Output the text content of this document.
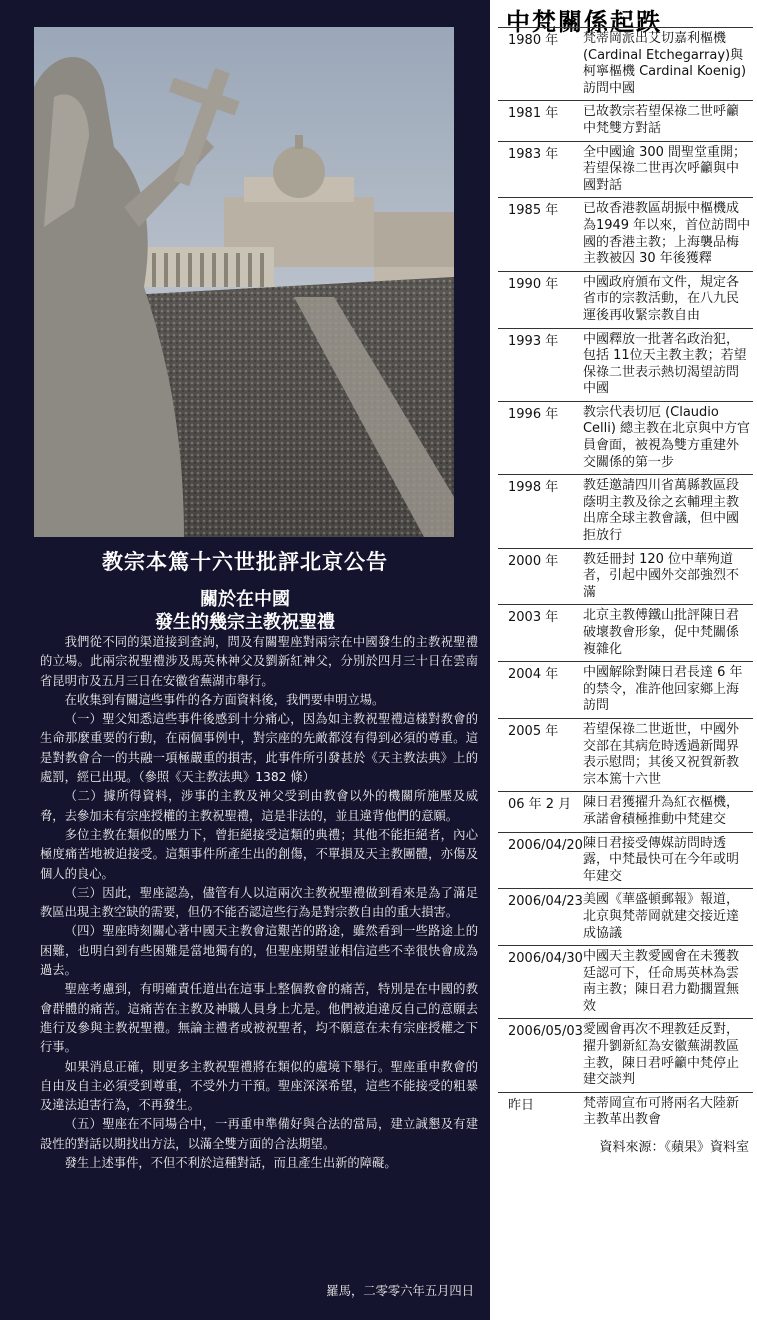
教宗本篤十六世批評北京公告
關於在中國
發生的幾宗主教祝聖禮

我們從不同的渠道接到查詢，問及有關聖座對兩宗在中國發生的主教祝聖禮的立場。此兩宗祝聖禮涉及馬英林神父及劉新紅神父，分別於四月三十日在雲南省昆明市及五月三日在安徽省蕪湖市舉行。

在收集到有關這些事件的各方面資料後，我們要申明立場。

（一）聖父知悉這些事件後感到十分痛心，因為如主教祝聖禮這樣對教會的生命那麼重要的行動，在兩個事例中，對宗座的先敵都沒有得到必須的尊重。這是對教會合一的共融一項極嚴重的損害，此事件所引發甚於《天主教法典》上的處罰，經已出現。（參照《天主教法典》1382 條）

（二）據所得資料，涉事的主教及神父受到由教會以外的機關所施壓及威脅，去參加未有宗座授權的主教祝聖禮，這是非法的，並且違背他們的意願。

多位主教在類似的壓力下，曾拒絕接受這類的典禮；其他不能拒絕者，內心極度痛苦地被迫接受。這類事件所產生出的創傷，不單損及天主教團體，亦傷及個人的良心。

（三）因此，聖座認為，儘管有人以這兩次主教祝聖禮做到看來是為了滿足教區出現主教空缺的需要，但仍不能否認這些行為是對宗教自由的重大損害。

（四）聖座時刻關心著中國天主教會這艱苦的路途，雖然看到一些路途上的困難，也明白到有些困難是當地獨有的，但聖座期望並相信這些不幸很快會成為過去。

聖座考慮到，有明確責任道出在這事上整個教會的痛苦，特別是在中國的教會群體的痛苦。這痛苦在主教及神職人員身上尤是。他們被迫違反自己的意願去進行及參與主教祝聖禮。無論主禮者或被祝聖者，均不願意在未有宗座授權之下行事。

如果消息正確，則更多主教祝聖禮將在類似的處境下舉行。聖座重申教會的自由及自主必須受到尊重，不受外力干預。聖座深深希望，這些不能接受的粗暴及違法迫害行為，不再發生。

（五）聖座在不同場合中，一再重申準備好與合法的當局，建立誠懇及有建設性的對話以期找出方法，以滿全雙方面的合法期望。

發生上述事件，不但不利於這種對話，而且產生出新的障礙。

羅馬，二零零六年五月四日
中梵關係起跌
1980 年	梵蒂岡派出艾切嘉利樞機(Cardinal Etchegarray)與柯寧樞機 Cardinal Koenig)訪問中國
1981 年	已故教宗若望保祿二世呼籲中梵雙方對話
1983 年	全中國逾 300 間聖堂重開；若望保祿二世再次呼籲與中國對話
1985 年	已故香港教區胡振中樞機成為1949 年以來，首位訪問中國的香港主教；上海襲品梅主教被囚 30 年後獲釋
1990 年	中國政府頒布文件，規定各省市的宗教活動，在八九民運後再收緊宗教自由
1993 年	中國釋放一批著名政治犯，包括 11位天主教主教；若望保祿二世表示熱切渴望訪問中國
1996 年	教宗代表切厄 (Claudio Celli) 總主教在北京與中方官員會面，被視為雙方重建外交關係的第一步
1998 年	教廷邀請四川省萬縣教區段蔭明主教及徐之玄輔理主教出席全球主教會議，但中國拒放行
2000 年	教廷冊封 120 位中華殉道者，引起中國外交部強烈不滿
2003 年	北京主教傅鐵山批評陳日君破壞教會形象，促中梵關係複雜化
2004 年	中國解除對陳日君長達 6 年的禁令，准許他回家鄉上海訪問
2005 年	若望保祿二世逝世，中國外交部在其病危時透過新聞界表示慰問；其後又祝賀新教宗本篤十六世
06 年 2 月	陳日君獲擢升為紅衣樞機，承諾會積極推動中梵建交
2006/04/20	陳日君接受傳媒訪問時透露，中梵最快可在今年或明年建交
2006/04/23	美國《華盛頓郵報》報道，北京與梵蒂岡就建交接近達成協議
2006/04/30	中國天主教愛國會在未獲教廷認可下，任命馬英林為雲南主教；陳日君力勸擱置無效
2006/05/03	愛國會再次不理教廷反對，擢升劉新紅為安徽蕪湖教區主教，陳日君呼籲中梵停止建交談判
昨日	梵蒂岡宣布可將兩名大陸新主教革出教會
資料來源：《蘋果》資料室
